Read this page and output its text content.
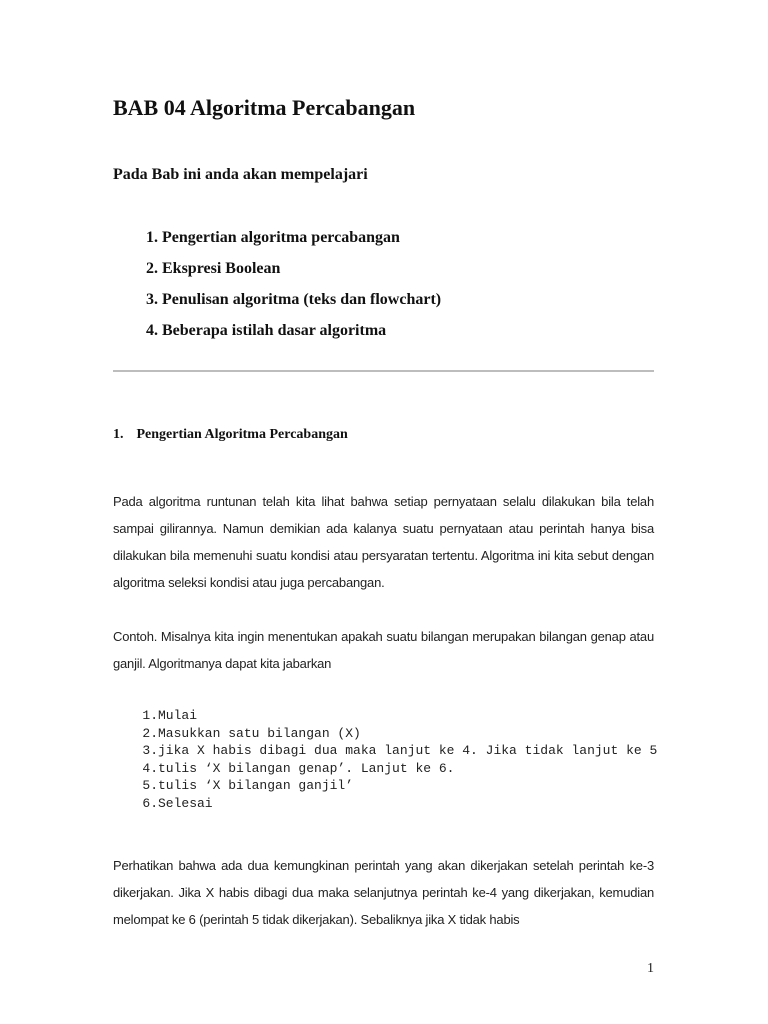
BAB 04 Algoritma Percabangan
Pada Bab ini anda akan mempelajari
1. Pengertian algoritma percabangan
2. Ekspresi Boolean
3. Penulisan algoritma (teks dan flowchart)
4. Beberapa istilah dasar algoritma
1. Pengertian Algoritma Percabangan

Pada algoritma runtunan telah kita lihat bahwa setiap pernyataan selalu dilakukan bila telah sampai gilirannya. Namun demikian ada kalanya suatu pernyataan atau perintah hanya bisa dilakukan bila memenuhi suatu kondisi atau persyaratan tertentu. Algoritma ini kita sebut dengan algoritma seleksi kondisi atau juga percabangan.

Contoh. Misalnya kita ingin menentukan apakah suatu bilangan merupakan bilangan genap atau ganjil. Algoritmanya dapat kita jabarkan

1. Mulai
2. Masukkan satu bilangan (X)
3. jika X habis dibagi dua maka lanjut ke 4. Jika tidak lanjut ke 5
4. tulis ‘X bilangan genap’. Lanjut ke 6.
5. tulis ‘X bilangan ganjil’
6. Selesai

Perhatikan bahwa ada dua kemungkinan perintah yang akan dikerjakan setelah perintah ke-3 dikerjakan. Jika X habis dibagi dua maka selanjutnya perintah ke-4 yang dikerjakan, kemudian melompat ke 6 (perintah 5 tidak dikerjakan). Sebaliknya jika X tidak habis

1
